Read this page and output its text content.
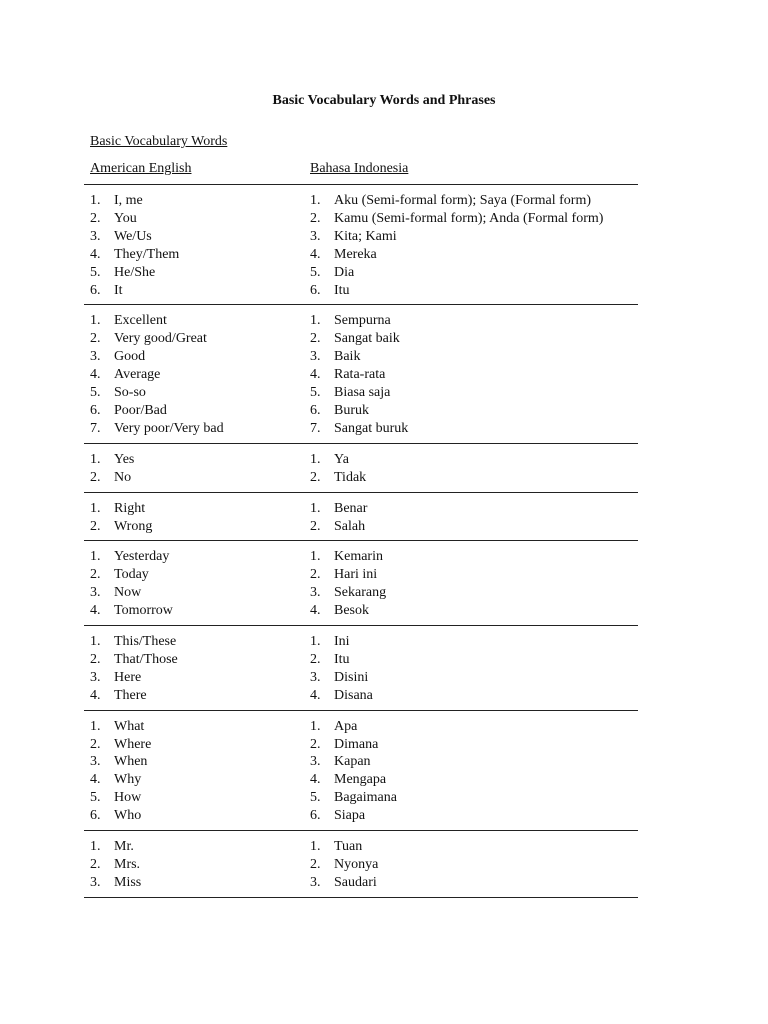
Basic Vocabulary Words and Phrases
Basic Vocabulary Words
American English	Bahasa Indonesia
1. I, me
2. You
3. We/Us
4. They/Them
5. He/She
6. It
1. Aku (Semi-formal form); Saya (Formal form)
2. Kamu (Semi-formal form); Anda (Formal form)
3. Kita; Kami
4. Mereka
5. Dia
6. Itu
1. Excellent
2. Very good/Great
3. Good
4. Average
5. So-so
6. Poor/Bad
7. Very poor/Very bad
1. Sempurna
2. Sangat baik
3. Baik
4. Rata-rata
5. Biasa saja
6. Buruk
7. Sangat buruk
1. Yes
2. No
1. Ya
2. Tidak
1. Right
2. Wrong
1. Benar
2. Salah
1. Yesterday
2. Today
3. Now
4. Tomorrow
1. Kemarin
2. Hari ini
3. Sekarang
4. Besok
1. This/These
2. That/Those
3. Here
4. There
1. Ini
2. Itu
3. Disini
4. Disana
1. What
2. Where
3. When
4. Why
5. How
6. Who
1. Apa
2. Dimana
3. Kapan
4. Mengapa
5. Bagaimana
6. Siapa
1. Mr.
2. Mrs.
3. Miss
1. Tuan
2. Nyonya
3. Saudari
